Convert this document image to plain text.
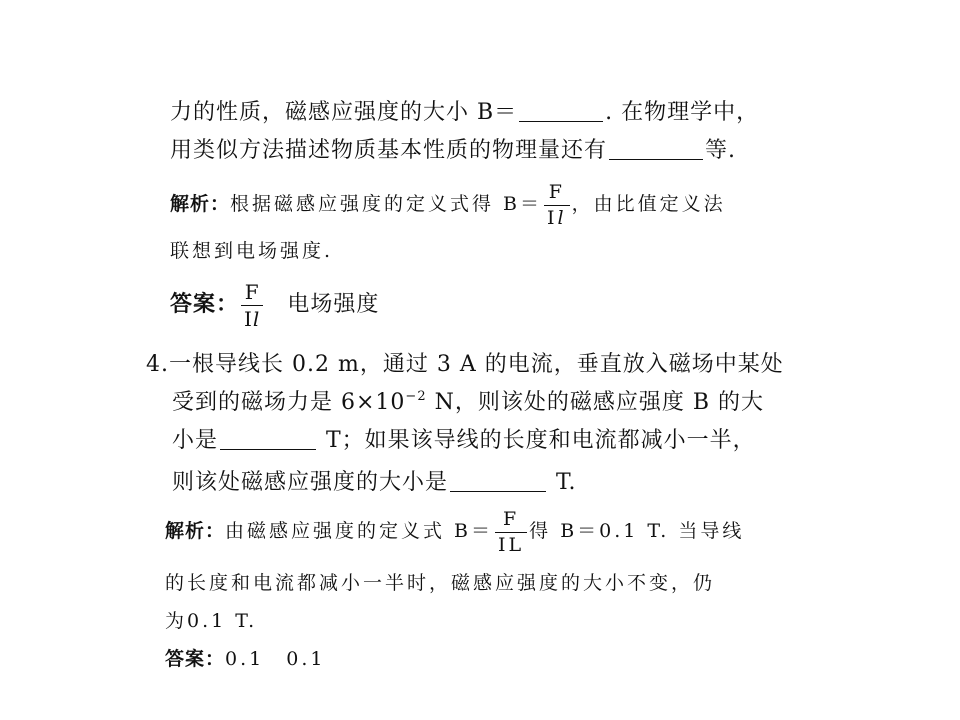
力的性质，磁感应强度的大小 B＝	. 在物理学中，
用类似方法描述物质基本性质的物理量还有	等.
解析：根据磁感应强度的定义式得 $B= \frac{F}{Il}$ ，由比值定义法
联想到电场强度.
答案： $\frac{F}{Il}$ 电场强度
4.一根导线长 0.2 m，通过 3 A 的电流，垂直放入磁场中某处
受到的磁场力是 $6\times 10^{-2}$ N，则该处的磁感应强度 B 的大
小是	T；如果该导线的长度和电流都减小一半，
则该处磁感应强度的大小是	T.
解析：由磁感应强度的定义式 $B= \frac{F}{IL}$ 得 B＝0.1 T. 当导线
的长度和电流都减小一半时，磁感应强度的大小不变，仍
为0.1 T.
答案：0.1　0.1
